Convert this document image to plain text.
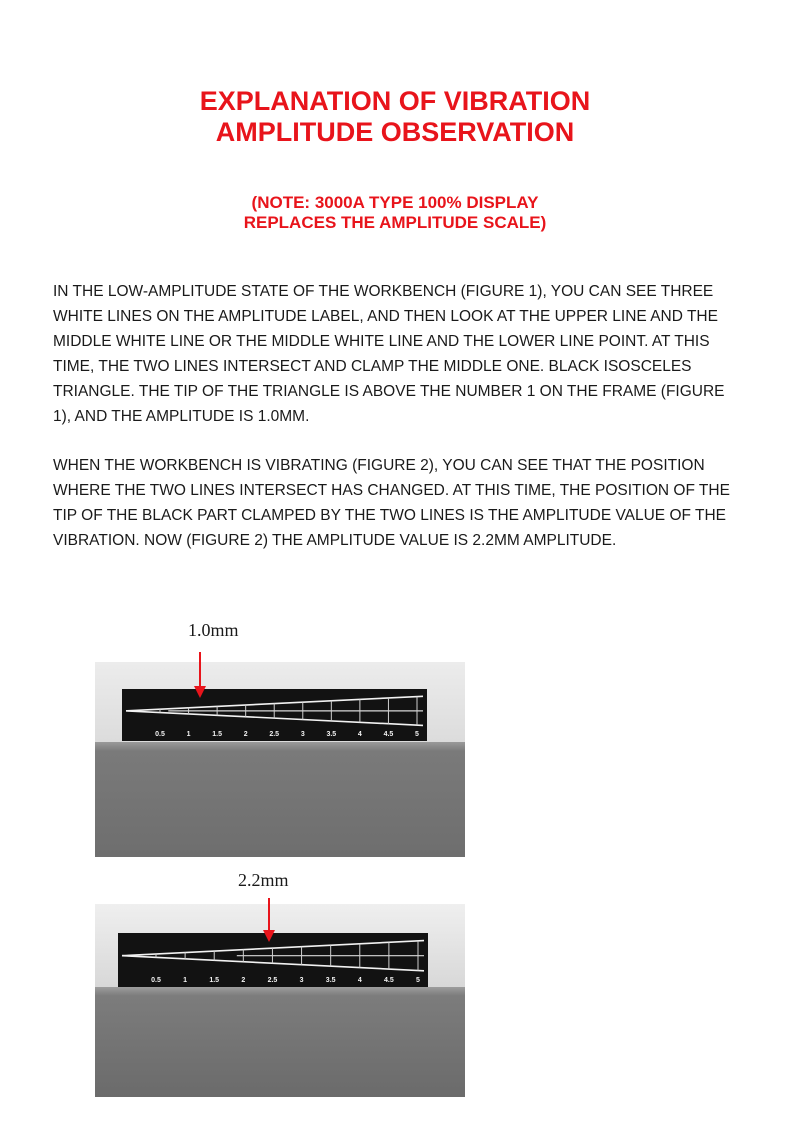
EXPLANATION OF VIBRATION
AMPLITUDE OBSERVATION
(NOTE: 3000A TYPE 100% DISPLAY
REPLACES THE AMPLITUDE SCALE)

IN THE LOW-AMPLITUDE STATE OF THE WORKBENCH (FIGURE 1), YOU CAN SEE THREE WHITE LINES ON THE AMPLITUDE LABEL, AND THEN LOOK AT THE UPPER LINE AND THE MIDDLE WHITE LINE OR THE MIDDLE WHITE LINE AND THE LOWER LINE POINT. AT THIS TIME, THE TWO LINES INTERSECT AND CLAMP THE MIDDLE ONE. BLACK ISOSCELES TRIANGLE. THE TIP OF THE TRIANGLE IS ABOVE THE NUMBER 1 ON THE FRAME (FIGURE 1), AND THE AMPLITUDE IS 1.0MM.

WHEN THE WORKBENCH IS VIBRATING (FIGURE 2), YOU CAN SEE THAT THE POSITION WHERE THE TWO LINES INTERSECT HAS CHANGED. AT THIS TIME, THE POSITION OF THE TIP OF THE BLACK PART CLAMPED BY THE TWO LINES IS THE AMPLITUDE VALUE OF THE VIBRATION. NOW (FIGURE 2) THE AMPLITUDE VALUE IS 2.2MM AMPLITUDE.

1.0mm
2.2mm
0.5	1	1.5	2	2.5	3	3.5	4	4.5	5
0.5	1	1.5	2	2.5	3	3.5	4	4.5	5
